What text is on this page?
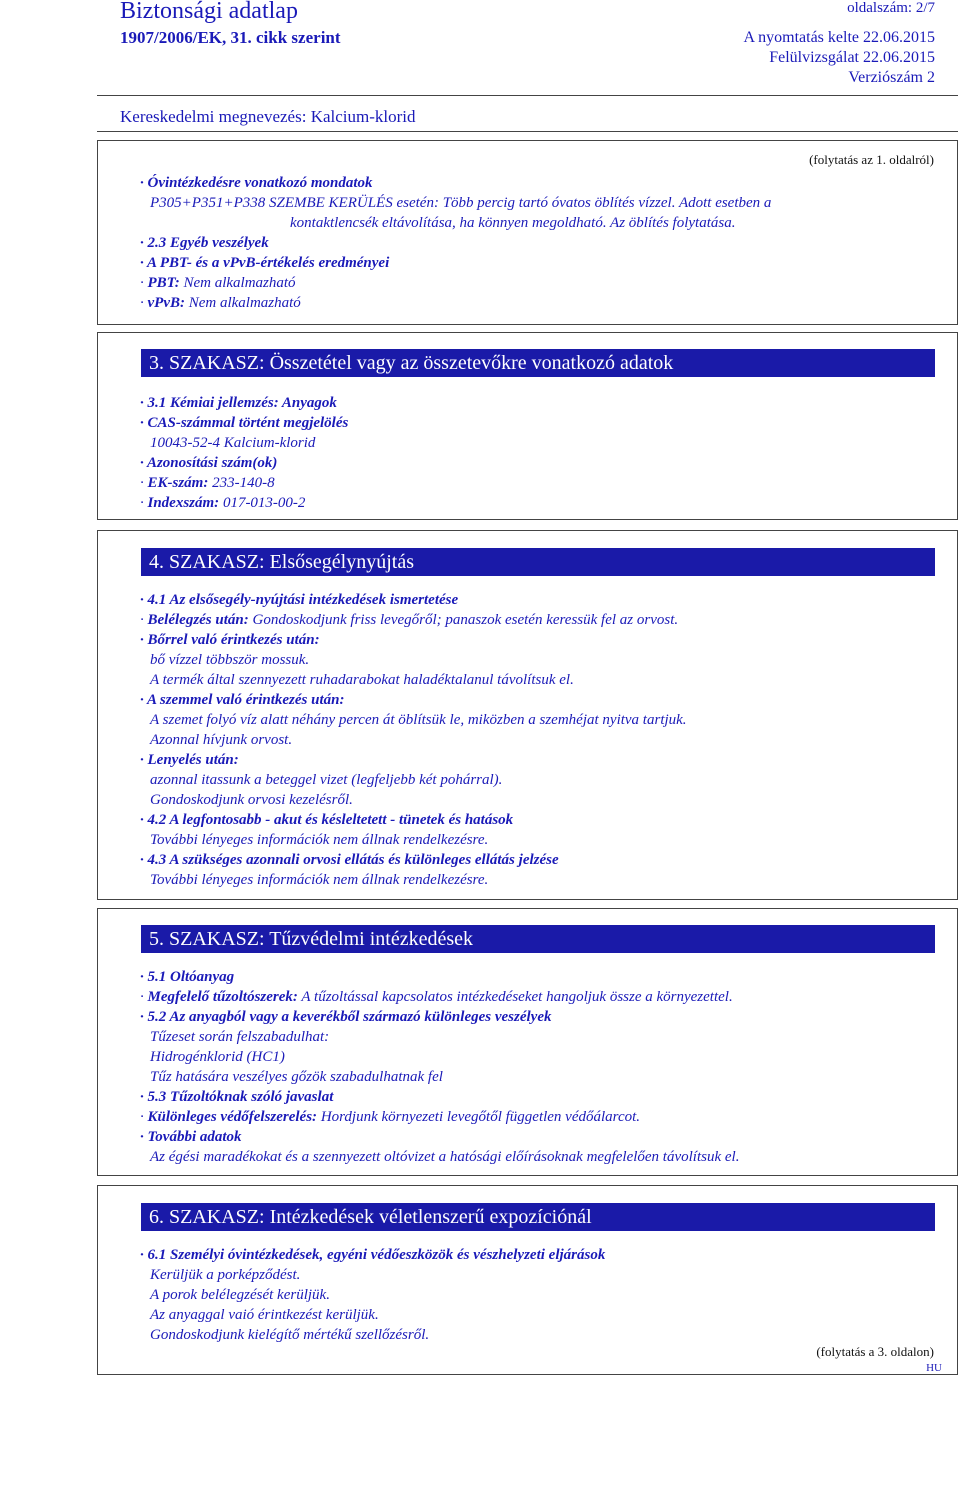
Biztonsági adatlap
1907/2006/EK, 31. cikk szerint
oldalszám: 2/7
A nyomtatás kelte 22.06.2015
Felülvizsgálat 22.06.2015
Verziószám 2
Kereskedelmi megnevezés: Kalcium-klorid
(folytatás az 1. oldalról)
· Óvintézkedésre vonatkozó mondatok
P305+P351+P338 SZEMBE KERÜLÉS esetén: Több percig tartó óvatos öblítés vízzel. Adott esetben a
kontaktlencsék eltávolítása, ha könnyen megoldható. Az öblítés folytatása.
· 2.3 Egyéb veszélyek
· A PBT- és a vPvB-értékelés eredményei
· PBT: Nem alkalmazható
· vPvB: Nem alkalmazható
3. SZAKASZ: Összetétel vagy az összetevőkre vonatkozó adatok
· 3.1 Kémiai jellemzés: Anyagok
· CAS-számmal történt megjelölés
10043-52-4 Kalcium-klorid
· Azonosítási szám(ok)
· EK-szám: 233-140-8
· Indexszám: 017-013-00-2
4. SZAKASZ: Elsősegélynyújtás
· 4.1 Az elsősegély-nyújtási intézkedések ismertetése
· Belélegzés után: Gondoskodjunk friss levegőről; panaszok esetén keressük fel az orvost.
· Bőrrel való érintkezés után:
bő vízzel többször mossuk.
A termék által szennyezett ruhadarabokat haladéktalanul távolítsuk el.
· A szemmel való érintkezés után:
A szemet folyó víz alatt néhány percen át öblítsük le, miközben a szemhéjat nyitva tartjuk.
Azonnal hívjunk orvost.
· Lenyelés után:
azonnal itassunk a beteggel vizet (legfeljebb két pohárral).
Gondoskodjunk orvosi kezelésről.
· 4.2 A legfontosabb - akut és késleltetett - tünetek és hatások
További lényeges információk nem állnak rendelkezésre.
· 4.3 A szükséges azonnali orvosi ellátás és különleges ellátás jelzése
További lényeges információk nem állnak rendelkezésre.
5. SZAKASZ: Tűzvédelmi intézkedések
· 5.1 Oltóanyag
· Megfelelő tűzoltószerek: A tűzoltással kapcsolatos intézkedéseket hangoljuk össze a környezettel.
· 5.2 Az anyagból vagy a keverékből származó különleges veszélyek
Tűzeset során felszabadulhat:
Hidrogénklorid (HC1)
Tűz hatására veszélyes gőzök szabadulhatnak fel
· 5.3 Tűzoltóknak szóló javaslat
· Különleges védőfelszerelés: Hordjunk környezeti levegőtől független védőálarcot.
· További adatok
Az égési maradékokat és a szennyezett oltóvizet a hatósági előírásoknak megfelelően távolítsuk el.
6. SZAKASZ: Intézkedések véletlenszerű expozíciónál
· 6.1 Személyi óvintézkedések, egyéni védőeszközök és vészhelyzeti eljárások
Kerüljük a porképződést.
A porok belélegzését kerüljük.
Az anyaggal vaió érintkezést kerüljük.
Gondoskodjunk kielégítő mértékű szellőzésről.
(folytatás a 3. oldalon)
HU
